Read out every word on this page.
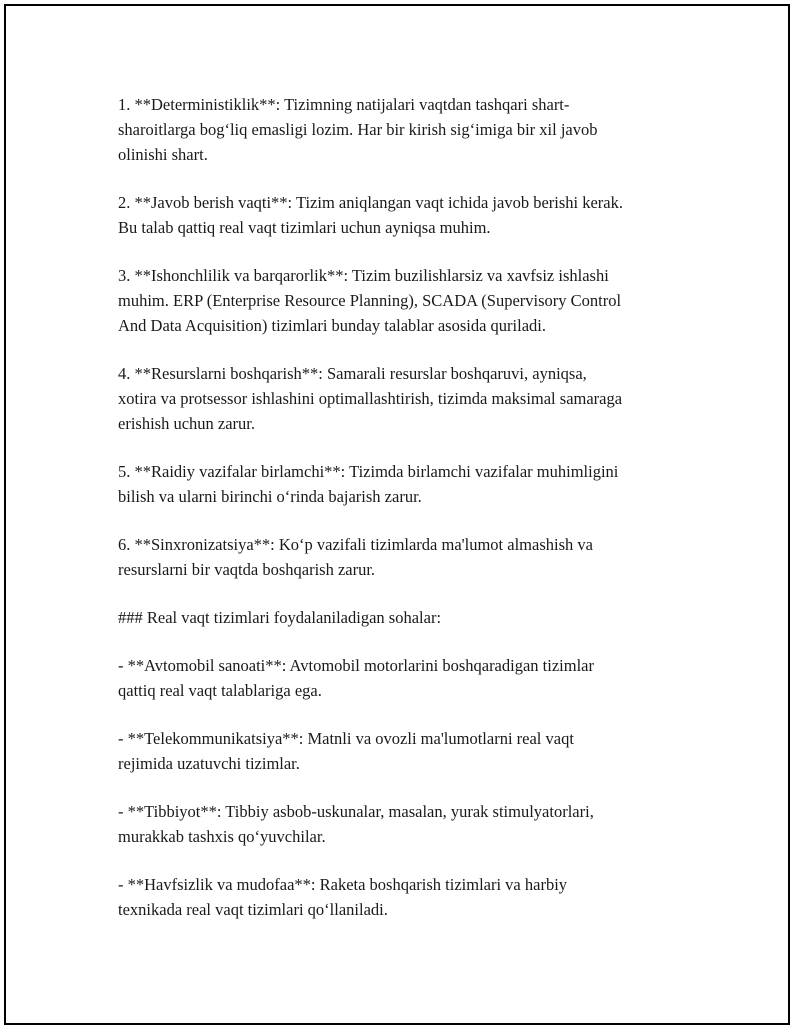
1. **Deterministiklik**: Tizimning natijalari vaqtdan tashqari shart-
sharoitlarga bog‘liq emasligi lozim. Har bir kirish sig‘imiga bir xil javob
olinishi shart.

2. **Javob berish vaqti**: Tizim aniqlangan vaqt ichida javob berishi kerak.
Bu talab qattiq real vaqt tizimlari uchun ayniqsa muhim.

3. **Ishonchlilik va barqarorlik**: Tizim buzilishlarsiz va xavfsiz ishlashi
muhim. ERP (Enterprise Resource Planning), SCADA (Supervisory Control
And Data Acquisition) tizimlari bunday talablar asosida quriladi.

4. **Resurslarni boshqarish**: Samarali resurslar boshqaruvi, ayniqsa,
xotira va protsessor ishlashini optimallashtirish, tizimda maksimal samaraga
erishish uchun zarur.

5. **Raidiy vazifalar birlamchi**: Tizimda birlamchi vazifalar muhimligini
bilish va ularni birinchi o‘rinda bajarish zarur.

6. **Sinxronizatsiya**: Ko‘p vazifali tizimlarda ma'lumot almashish va
resurslarni bir vaqtda boshqarish zarur.

### Real vaqt tizimlari foydalaniladigan sohalar:

- **Avtomobil sanoati**: Avtomobil motorlarini boshqaradigan tizimlar
qattiq real vaqt talablariga ega.

- **Telekommunikatsiya**: Matnli va ovozli ma'lumotlarni real vaqt
rejimida uzatuvchi tizimlar.

- **Tibbiyot**: Tibbiy asbob-uskunalar, masalan, yurak stimulyatorlari,
murakkab tashxis qo‘yuvchilar.

- **Havfsizlik va mudofaa**: Raketa boshqarish tizimlari va harbiy
texnikada real vaqt tizimlari qo‘llaniladi.
